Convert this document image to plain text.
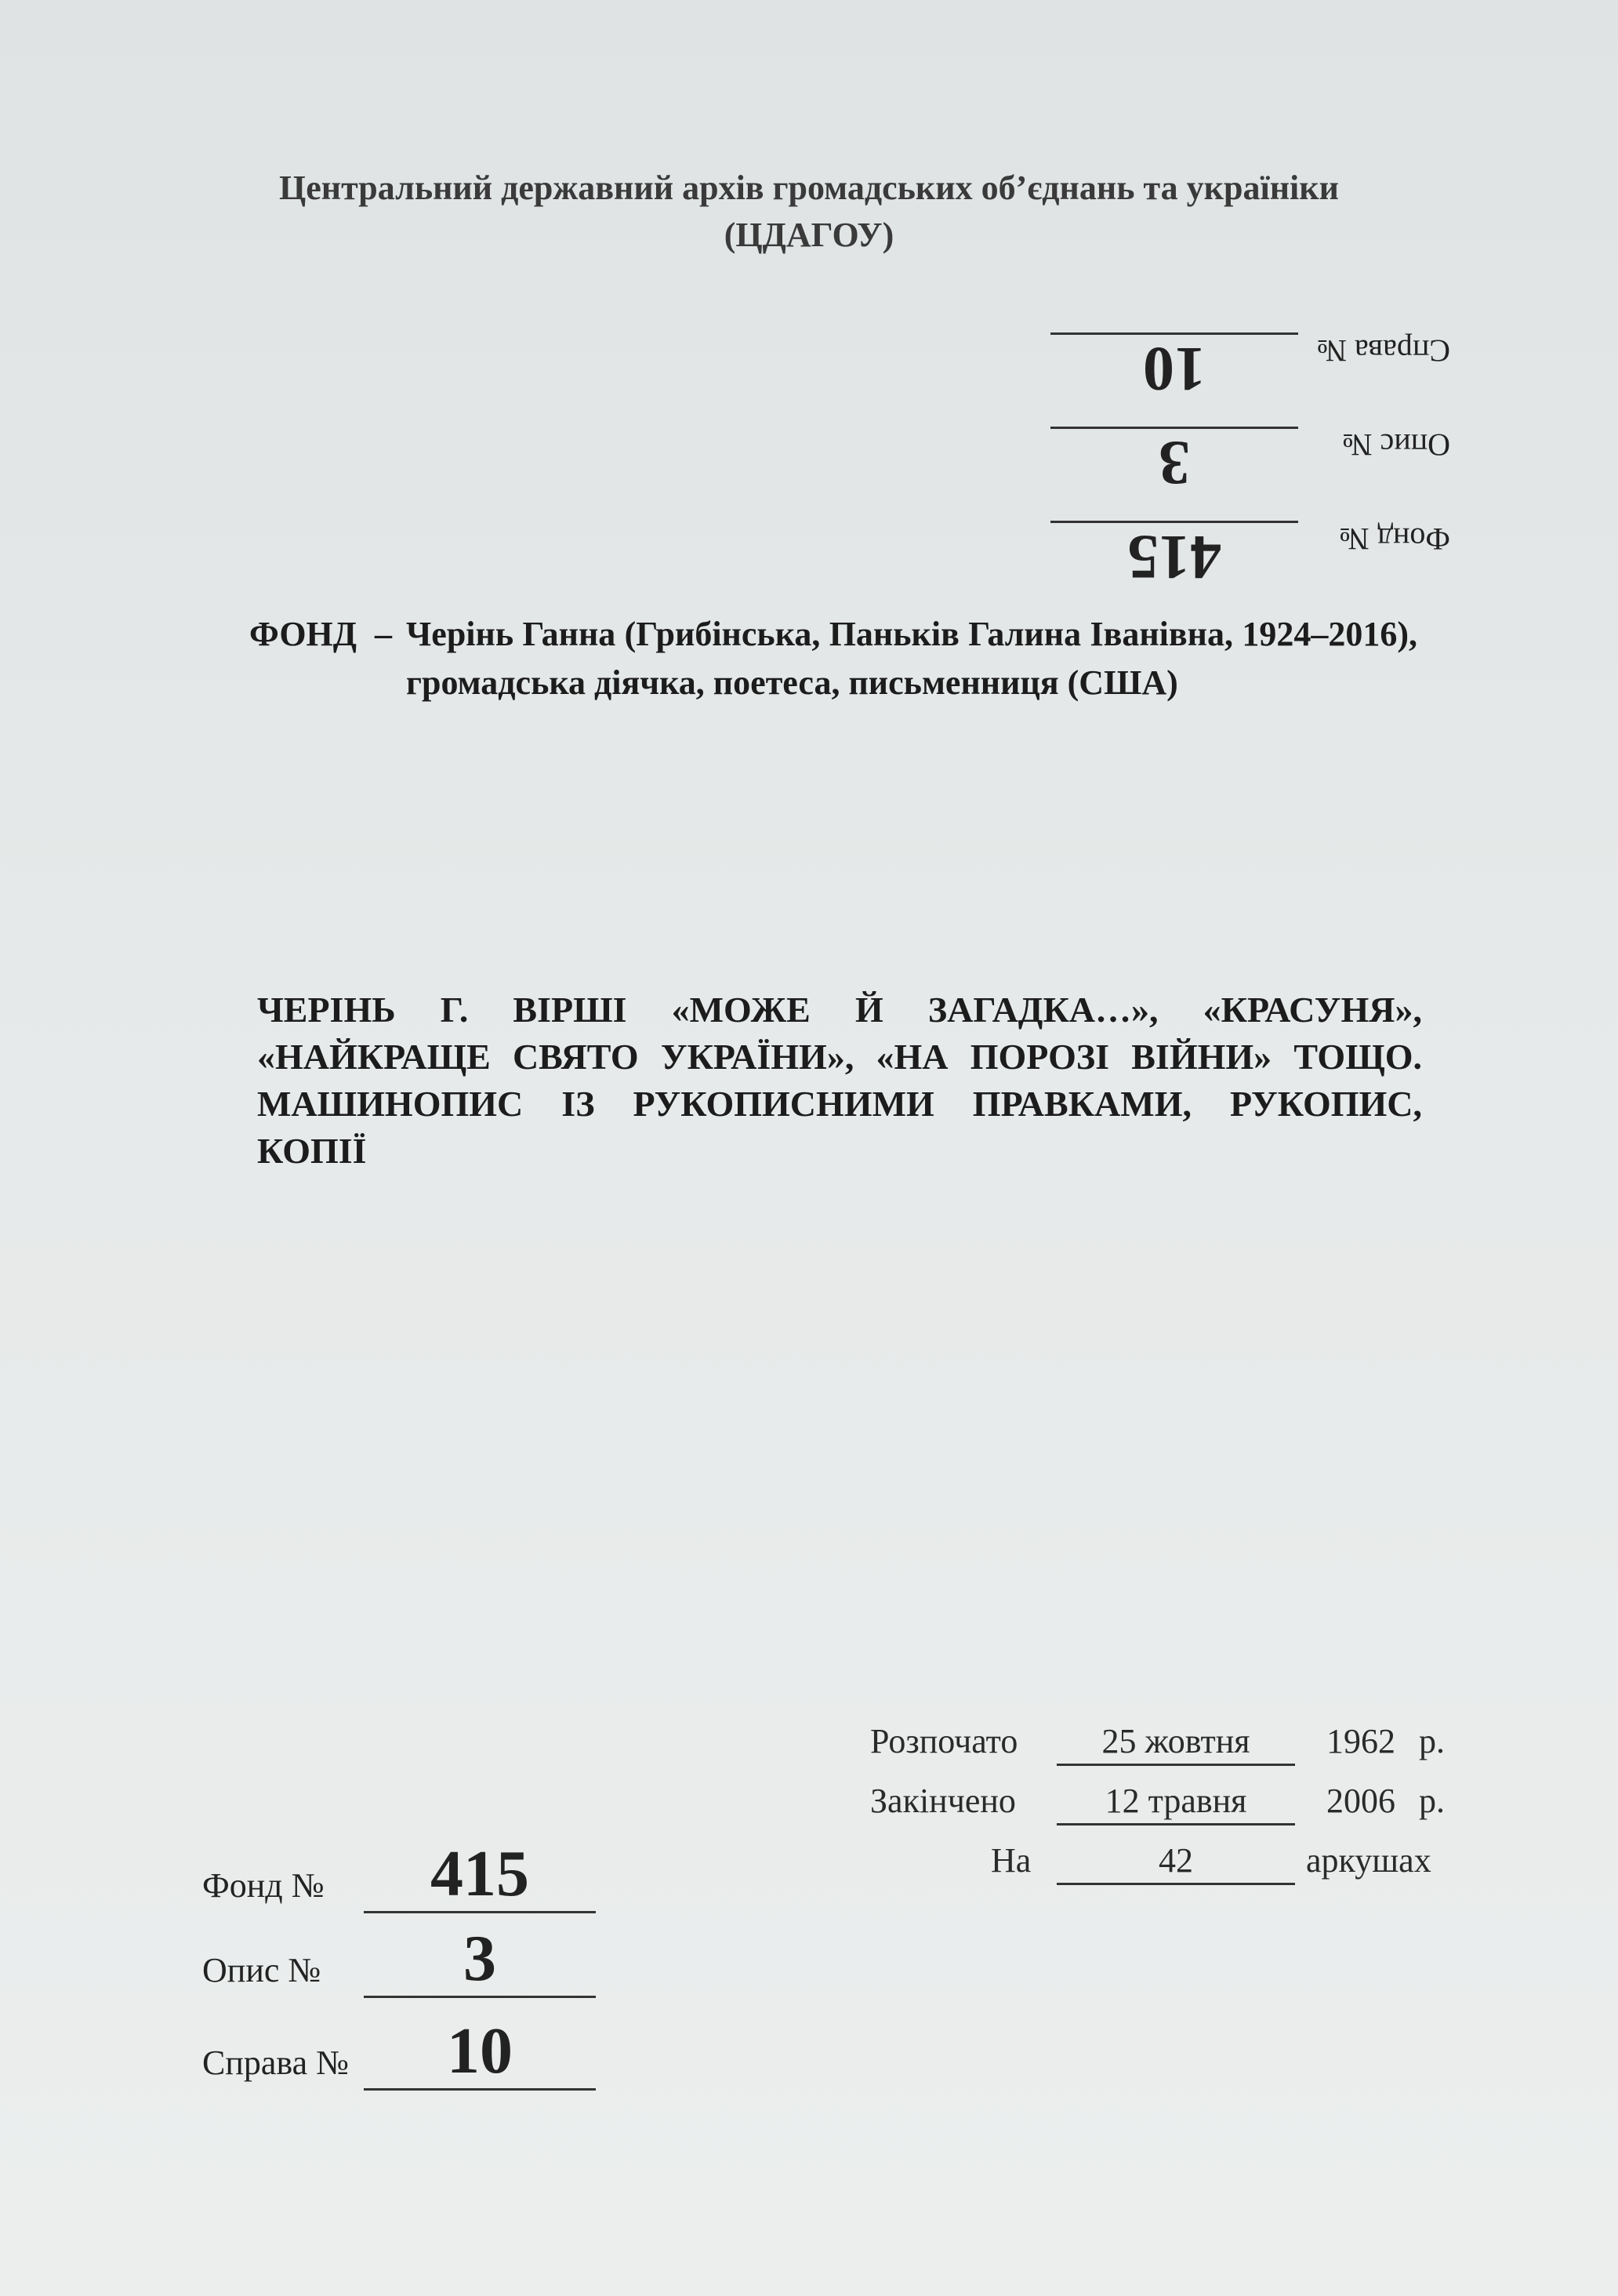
Центральний державний архів громадських об’єднань та україніки
(ЦДАГОУ)
Фонд №
415
Опис №
3
Справа №
10
ФОНД – Черінь Ганна (Грибінська, Паньків Галина Іванівна, 1924–2016), громадська діячка, поетеса, письменниця (США)
ЧЕРІНЬ Г. ВІРШІ «МОЖЕ Й ЗАГАДКА…», «КРАСУНЯ», «НАЙКРАЩЕ СВЯТО УКРАЇНИ», «НА ПОРОЗІ ВІЙНИ» ТОЩО. МАШИНОПИС ІЗ РУКОПИСНИМИ ПРАВКАМИ, РУКОПИС, КОПІЇ
Розпочато	25 жовтня	1962 р.
Закінчено	12 травня	2006 р.
На	42	аркушах
Фонд №	415
Опис №	3
Справа №	10
